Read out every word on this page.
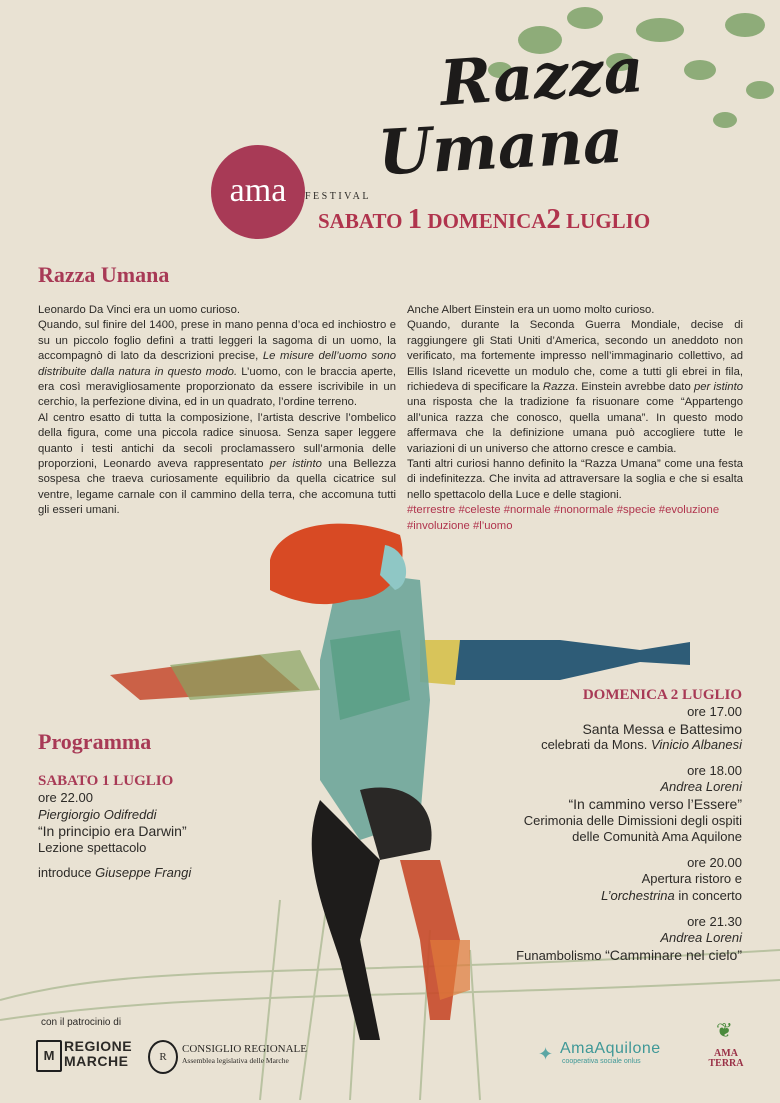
ama	FESTIVAL
Razza
Umana
SABATO 1 DOMENICA2 LUGLIO
Razza Umana

Leonardo Da Vinci era un uomo curioso.

Quando, sul finire del 1400, prese in mano penna d’oca ed inchiostro e su un piccolo foglio definì a tratti leggeri la sagoma di un uomo, la accompagnò di lato da descrizioni precise, Le misure dell’uomo sono distribuite dalla natura in questo modo. L’uomo, con le braccia aperte, era così meravigliosamente proporzionato da essere iscrivibile in un cerchio, la perfezione divina, ed in un quadrato, l’ordine terreno.

Al centro esatto di tutta la composizione, l’artista descrive l’ombelico della figura, come una piccola radice sinuosa. Senza saper leggere quanto i testi antichi da secoli proclamassero sull’armonia delle proporzioni, Leonardo aveva rappresentato per istinto una Bellezza sospesa che traeva curiosamente equilibrio da quella cicatrice sul ventre, legame carnale con il cammino della terra, che accomuna tutti gli esseri umani.

Anche Albert Einstein era un uomo molto curioso.

Quando, durante la Seconda Guerra Mondiale, decise di raggiungere gli Stati Uniti d’America, secondo un aneddoto non verificato, ma fortemente impresso nell’immaginario collettivo, ad Ellis Island ricevette un modulo che, come a tutti gli ebrei in fila, richiedeva di specificare la Razza. Einstein avrebbe dato per istinto una risposta che la tradizione fa risuonare come “Appartengo all’unica razza che conosco, quella umana”. In questo modo affermava che la definizione umana può accogliere tutte le variazioni di un universo che attorno cresce e cambia.

Tanti altri curiosi hanno definito la “Razza Umana” come una festa di indefinitezza. Che invita ad attraversare la soglia e che si esalta nello spettacolo della Luce e delle stagioni.

#terrestre #celeste #normale #nonormale #specie #evoluzione #involuzione #l’uomo

Programma
SABATO 1 LUGLIO
ore 22.00
Piergiorgio Odifreddi
“In principio era Darwin”
Lezione spettacolo
introduce Giuseppe Frangi
DOMENICA 2 LUGLIO
ore 17.00
Santa Messa e Battesimo
celebrati da Mons. Vinicio Albanesi
ore 18.00
Andrea Loreni
“In cammino verso l’Essere”
Cerimonia delle Dimissioni degli ospiti
delle Comunità Ama Aquilone
ore 20.00
Apertura ristoro e
L’orchestrina in concerto
ore 21.30
Andrea Loreni
Funambolismo “Camminare nel cielo”
con il patrocinio di
M
REGIONE MARCHE	R
CONSIGLIO REGIONALE
Assemblea legislativa delle Marche	✦ AmaAquilone
cooperativa sociale onlus
❦
AMA TERRA
